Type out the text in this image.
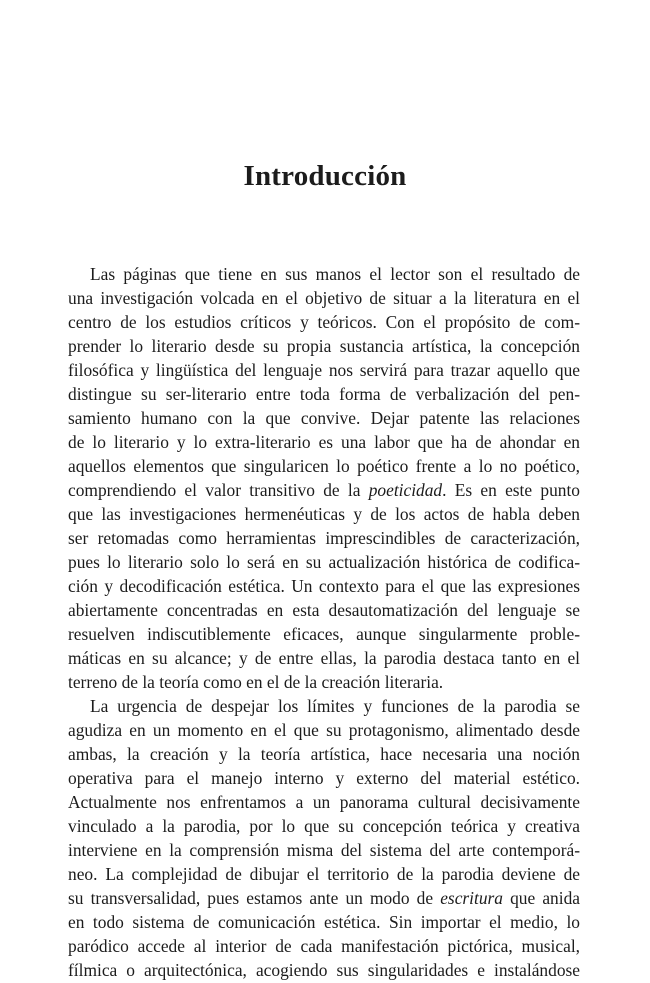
Introducción
Las páginas que tiene en sus manos el lector son el resultado de
una investigación volcada en el objetivo de situar a la literatura en el
centro de los estudios críticos y teóricos. Con el propósito de com-
prender lo literario desde su propia sustancia artística, la concepción
filosófica y lingüística del lenguaje nos servirá para trazar aquello que
distingue su ser-literario entre toda forma de verbalización del pen-
samiento humano con la que convive. Dejar patente las relaciones
de lo literario y lo extra-literario es una labor que ha de ahondar en
aquellos elementos que singularicen lo poético frente a lo no poético,
comprendiendo el valor transitivo de la poeticidad. Es en este punto
que las investigaciones hermenéuticas y de los actos de habla deben
ser retomadas como herramientas imprescindibles de caracterización,
pues lo literario solo lo será en su actualización histórica de codifica-
ción y decodificación estética. Un contexto para el que las expresiones
abiertamente concentradas en esta desautomatización del lenguaje se
resuelven indiscutiblemente eficaces, aunque singularmente proble-
máticas en su alcance; y de entre ellas, la parodia destaca tanto en el
terreno de la teoría como en el de la creación literaria.
La urgencia de despejar los límites y funciones de la parodia se
agudiza en un momento en el que su protagonismo, alimentado desde
ambas, la creación y la teoría artística, hace necesaria una noción
operativa para el manejo interno y externo del material estético.
Actualmente nos enfrentamos a un panorama cultural decisivamente
vinculado a la parodia, por lo que su concepción teórica y creativa
interviene en la comprensión misma del sistema del arte contemporá-
neo. La complejidad de dibujar el territorio de la parodia deviene de
su transversalidad, pues estamos ante un modo de escritura que anida
en todo sistema de comunicación estética. Sin importar el medio, lo
paródico accede al interior de cada manifestación pictórica, musical,
fílmica o arquitectónica, acogiendo sus singularidades e instalándose
